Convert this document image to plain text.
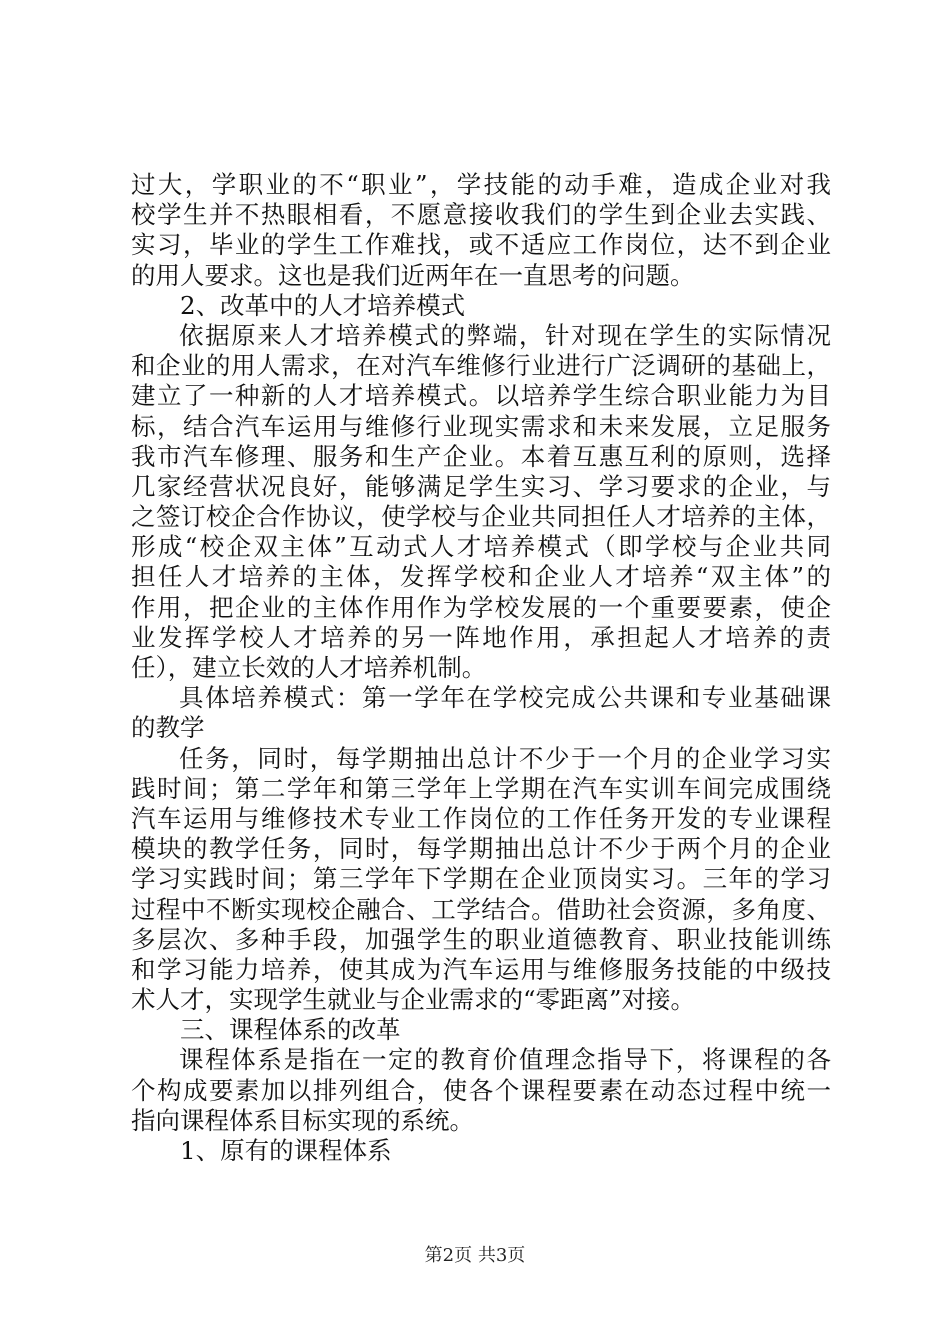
过大，学职业的不“职业”，学技能的动手难，造成企业对我
校学生并不热眼相看，不愿意接收我们的学生到企业去实践、
实习，毕业的学生工作难找，或不适应工作岗位，达不到企业
的用人要求。这也是我们近两年在一直思考的问题。
2、改革中的人才培养模式
依据原来人才培养模式的弊端，针对现在学生的实际情况
和企业的用人需求，在对汽车维修行业进行广泛调研的基础上，
建立了一种新的人才培养模式。以培养学生综合职业能力为目
标，结合汽车运用与维修行业现实需求和未来发展，立足服务
我市汽车修理、服务和生产企业。本着互惠互利的原则，选择
几家经营状况良好，能够满足学生实习、学习要求的企业，与
之签订校企合作协议，使学校与企业共同担任人才培养的主体，
形成“校企双主体”互动式人才培养模式（即学校与企业共同
担任人才培养的主体，发挥学校和企业人才培养“双主体”的
作用，把企业的主体作用作为学校发展的一个重要要素，使企
业发挥学校人才培养的另一阵地作用，承担起人才培养的责
任），建立长效的人才培养机制。
具体培养模式：第一学年在学校完成公共课和专业基础课
的教学
任务，同时，每学期抽出总计不少于一个月的企业学习实
践时间；第二学年和第三学年上学期在汽车实训车间完成围绕
汽车运用与维修技术专业工作岗位的工作任务开发的专业课程
模块的教学任务，同时，每学期抽出总计不少于两个月的企业
学习实践时间；第三学年下学期在企业顶岗实习。三年的学习
过程中不断实现校企融合、工学结合。借助社会资源，多角度、
多层次、多种手段，加强学生的职业道德教育、职业技能训练
和学习能力培养，使其成为汽车运用与维修服务技能的中级技
术人才，实现学生就业与企业需求的“零距离”对接。
三、课程体系的改革
课程体系是指在一定的教育价值理念指导下，将课程的各
个构成要素加以排列组合，使各个课程要素在动态过程中统一
指向课程体系目标实现的系统。
1、原有的课程体系
第2页 共3页
